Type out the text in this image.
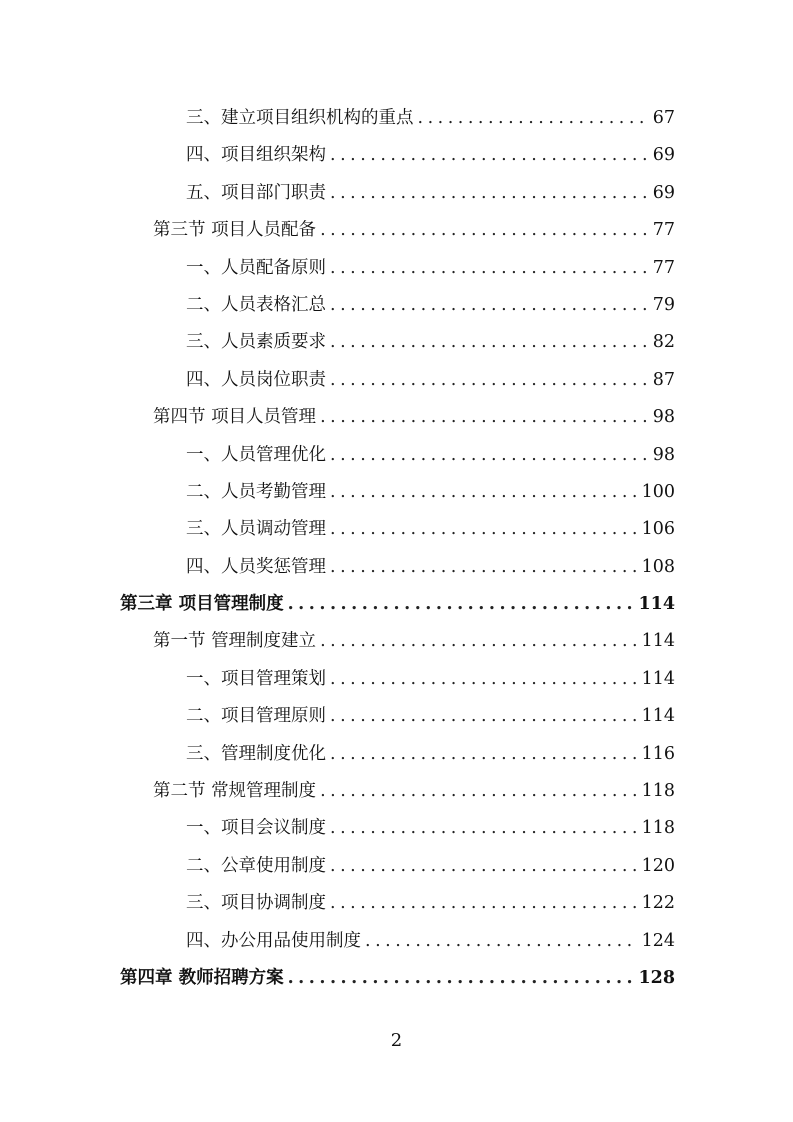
三、建立项目组织机构的重点 .....	67
四、项目组织架构 .....	69
五、项目部门职责 .....	69
第三节 项目人员配备 .....	77
一、人员配备原则 .....	77
二、人员表格汇总 .....	79
三、人员素质要求 .....	82
四、人员岗位职责 .....	87
第四节 项目人员管理 .....	98
一、人员管理优化 .....	98
二、人员考勤管理 .....	100
三、人员调动管理 .....	106
四、人员奖惩管理 .....	108
第三章 项目管理制度 .....	114
第一节 管理制度建立 .....	114
一、项目管理策划 .....	114
二、项目管理原则 .....	114
三、管理制度优化 .....	116
第二节 常规管理制度 .....	118
一、项目会议制度 .....	118
二、公章使用制度 .....	120
三、项目协调制度 .....	122
四、办公用品使用制度 .....	124
第四章 教师招聘方案 .....	128
2
